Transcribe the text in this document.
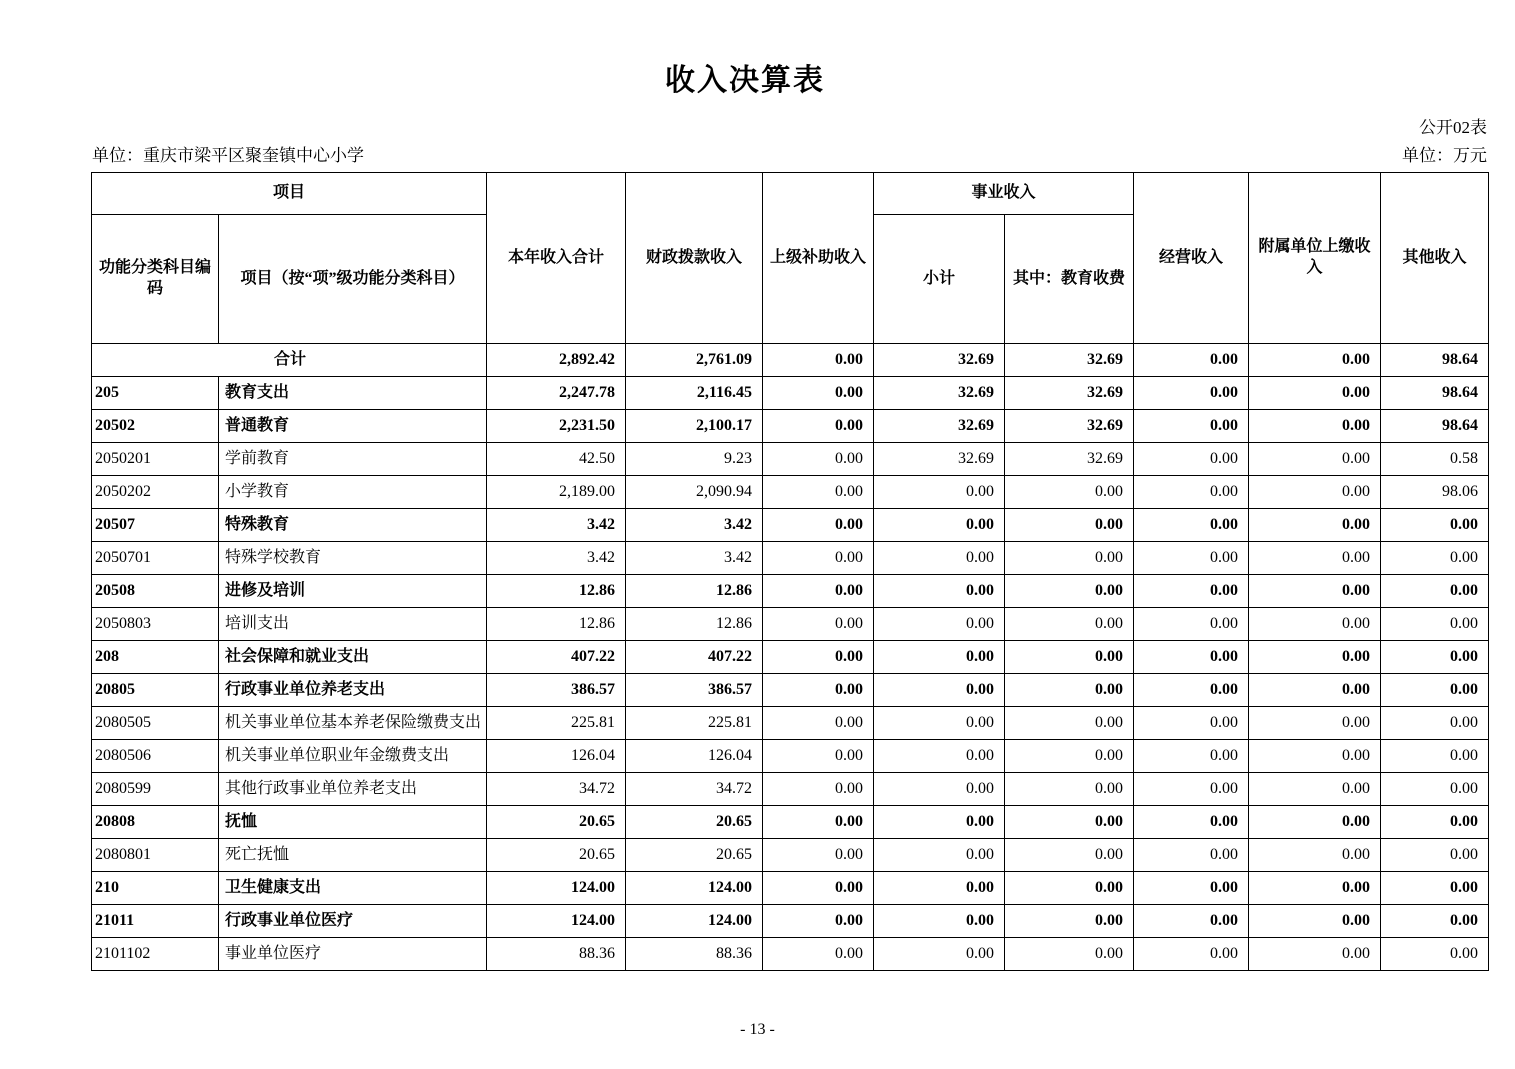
收入决算表
公开02表
单位：重庆市梁平区聚奎镇中心小学	单位：万元
项目		本年收入合计	财政拨款收入	上级补助收入	事业收入		经营收入	附属单位上缴收入	其他收入
功能分类科目编码	项目（按“项”级功能分类科目）				小计	其中：教育收费			
合计		2,892.42	2,761.09	0.00	32.69	32.69	0.00	0.00	98.64
205	教育支出	2,247.78	2,116.45	0.00	32.69	32.69	0.00	0.00	98.64
20502	普通教育	2,231.50	2,100.17	0.00	32.69	32.69	0.00	0.00	98.64
2050201	学前教育	42.50	9.23	0.00	32.69	32.69	0.00	0.00	0.58
2050202	小学教育	2,189.00	2,090.94	0.00	0.00	0.00	0.00	0.00	98.06
20507	特殊教育	3.42	3.42	0.00	0.00	0.00	0.00	0.00	0.00
2050701	特殊学校教育	3.42	3.42	0.00	0.00	0.00	0.00	0.00	0.00
20508	进修及培训	12.86	12.86	0.00	0.00	0.00	0.00	0.00	0.00
2050803	培训支出	12.86	12.86	0.00	0.00	0.00	0.00	0.00	0.00
208	社会保障和就业支出	407.22	407.22	0.00	0.00	0.00	0.00	0.00	0.00
20805	行政事业单位养老支出	386.57	386.57	0.00	0.00	0.00	0.00	0.00	0.00
2080505	机关事业单位基本养老保险缴费支出	225.81	225.81	0.00	0.00	0.00	0.00	0.00	0.00
2080506	机关事业单位职业年金缴费支出	126.04	126.04	0.00	0.00	0.00	0.00	0.00	0.00
2080599	其他行政事业单位养老支出	34.72	34.72	0.00	0.00	0.00	0.00	0.00	0.00
20808	抚恤	20.65	20.65	0.00	0.00	0.00	0.00	0.00	0.00
2080801	死亡抚恤	20.65	20.65	0.00	0.00	0.00	0.00	0.00	0.00
210	卫生健康支出	124.00	124.00	0.00	0.00	0.00	0.00	0.00	0.00
21011	行政事业单位医疗	124.00	124.00	0.00	0.00	0.00	0.00	0.00	0.00
2101102	事业单位医疗	88.36	88.36	0.00	0.00	0.00	0.00	0.00	0.00
- 13 -
